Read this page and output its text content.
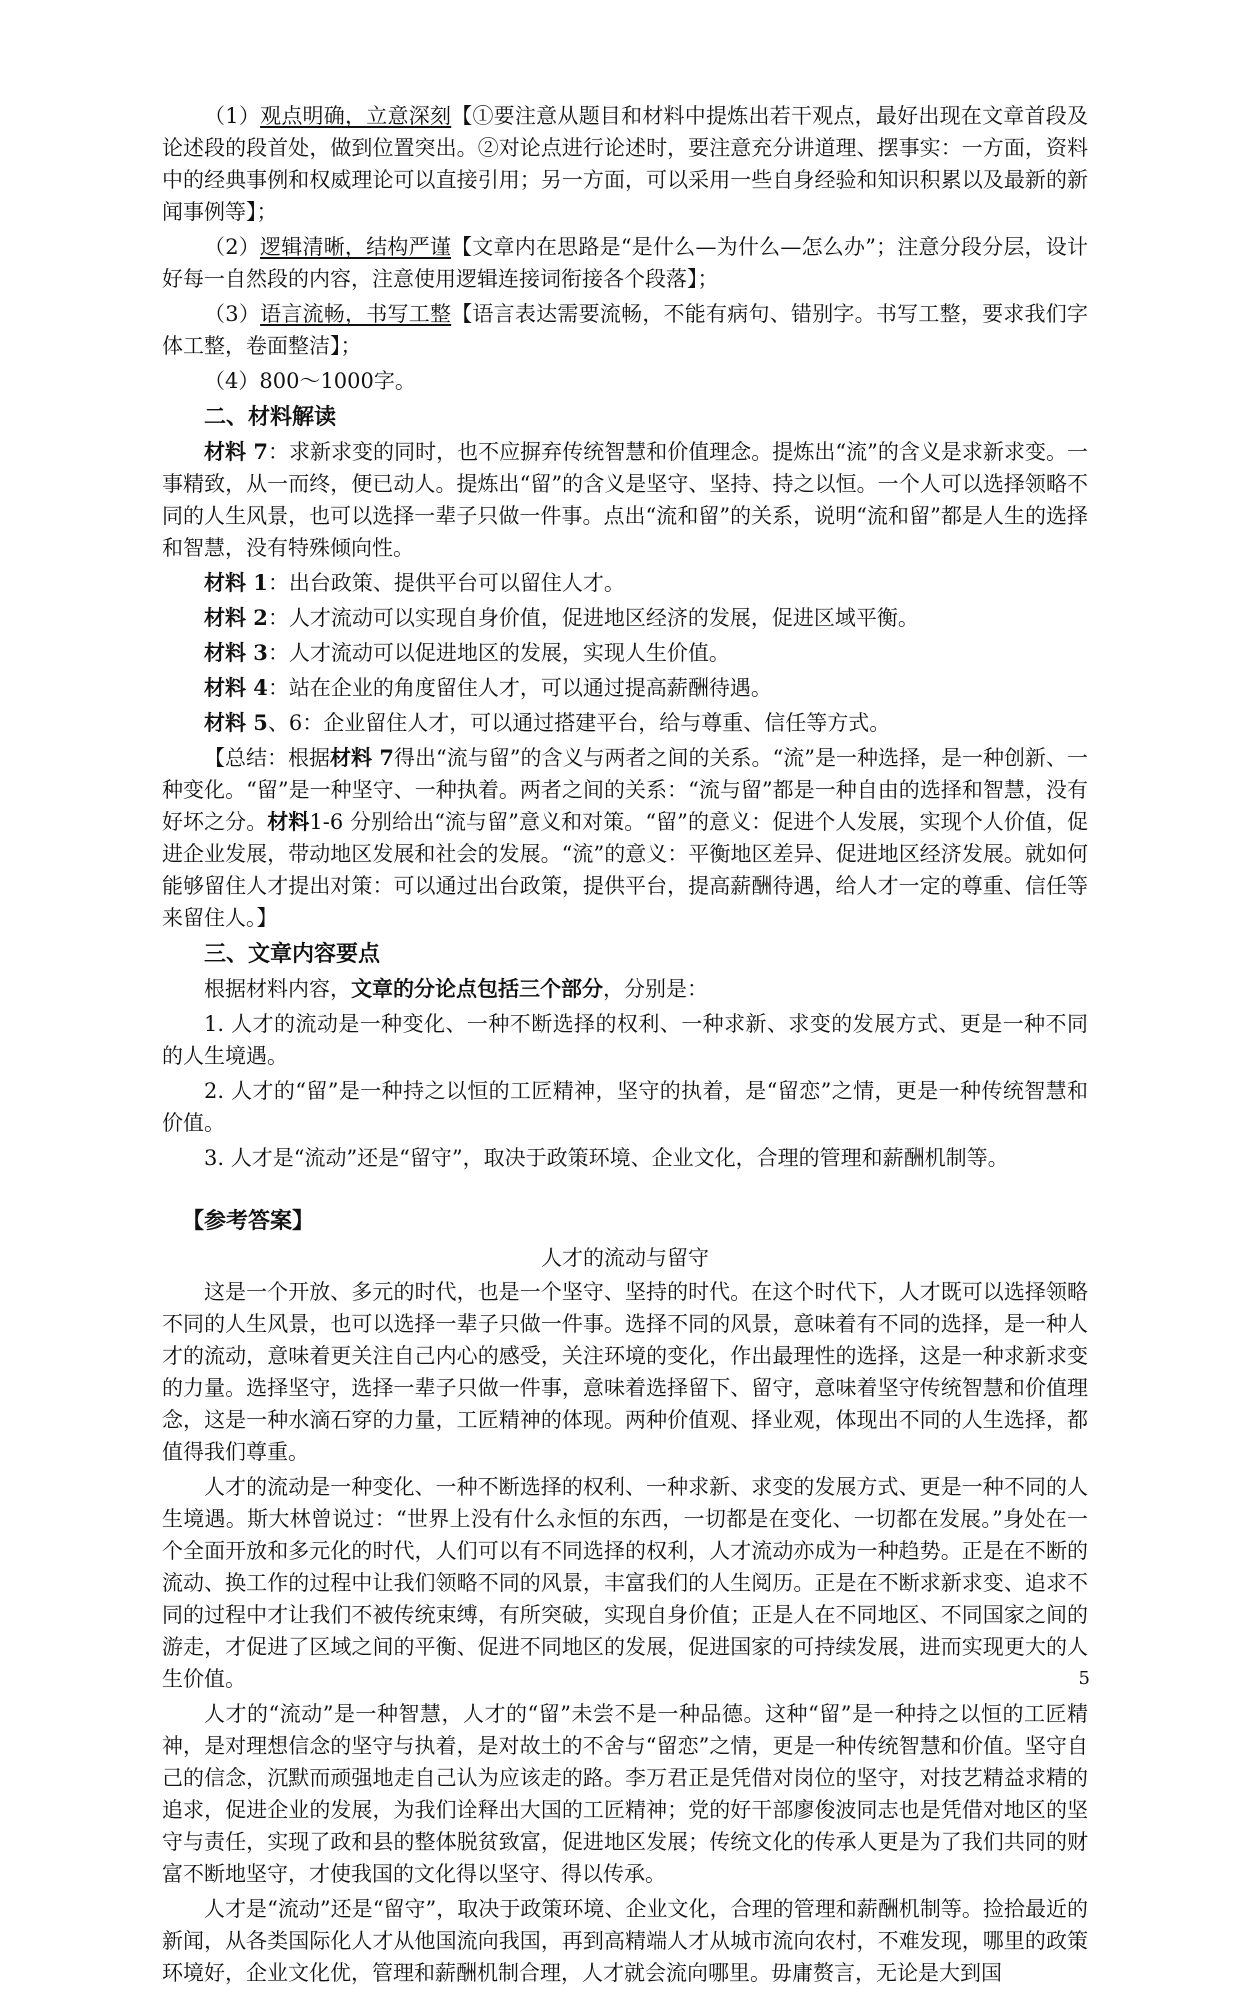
（1）观点明确，立意深刻【①要注意从题目和材料中提炼出若干观点，最好出现在文章首段及论述段的段首处，做到位置突出。②对论点进行论述时，要注意充分讲道理、摆事实：一方面，资料中的经典事例和权威理论可以直接引用；另一方面，可以采用一些自身经验和知识积累以及最新的新闻事例等】；

（2）逻辑清晰，结构严谨【文章内在思路是“是什么—为什么—怎么办”；注意分段分层，设计好每一自然段的内容，注意使用逻辑连接词衔接各个段落】；

（3）语言流畅，书写工整【语言表达需要流畅，不能有病句、错别字。书写工整，要求我们字体工整，卷面整洁】；

（4）800～1000字。

二、材料解读

材料 7：求新求变的同时，也不应摒弃传统智慧和价值理念。提炼出“流”的含义是求新求变。一事精致，从一而终，便已动人。提炼出“留”的含义是坚守、坚持、持之以恒。一个人可以选择领略不同的人生风景，也可以选择一辈子只做一件事。点出“流和留”的关系，说明“流和留”都是人生的选择和智慧，没有特殊倾向性。

材料 1：出台政策、提供平台可以留住人才。

材料 2：人才流动可以实现自身价值，促进地区经济的发展，促进区域平衡。

材料 3：人才流动可以促进地区的发展，实现人生价值。

材料 4：站在企业的角度留住人才，可以通过提高薪酬待遇。

材料 5、6：企业留住人才，可以通过搭建平台，给与尊重、信任等方式。

【总结：根据材料 7得出“流与留”的含义与两者之间的关系。“流”是一种选择，是一种创新、一种变化。“留”是一种坚守、一种执着。两者之间的关系：“流与留”都是一种自由的选择和智慧，没有好坏之分。材料1-6 分别给出“流与留”意义和对策。“留”的意义：促进个人发展，实现个人价值，促进企业发展，带动地区发展和社会的发展。“流”的意义：平衡地区差异、促进地区经济发展。就如何能够留住人才提出对策：可以通过出台政策，提供平台，提高薪酬待遇，给人才一定的尊重、信任等来留住人。】

三、文章内容要点

根据材料内容，文章的分论点包括三个部分，分别是：

1. 人才的流动是一种变化、一种不断选择的权利、一种求新、求变的发展方式、更是一种不同的人生境遇。

2. 人才的“留”是一种持之以恒的工匠精神，坚守的执着，是“留恋”之情，更是一种传统智慧和价值。

3. 人才是“流动”还是“留守”，取决于政策环境、企业文化，合理的管理和薪酬机制等。

【参考答案】
人才的流动与留守

这是一个开放、多元的时代，也是一个坚守、坚持的时代。在这个时代下，人才既可以选择领略不同的人生风景，也可以选择一辈子只做一件事。选择不同的风景，意味着有不同的选择，是一种人才的流动，意味着更关注自己内心的感受，关注环境的变化，作出最理性的选择，这是一种求新求变的力量。选择坚守，选择一辈子只做一件事，意味着选择留下、留守，意味着坚守传统智慧和价值理念，这是一种水滴石穿的力量，工匠精神的体现。两种价值观、择业观，体现出不同的人生选择，都值得我们尊重。

人才的流动是一种变化、一种不断选择的权利、一种求新、求变的发展方式、更是一种不同的人生境遇。斯大林曾说过：“世界上没有什么永恒的东西，一切都是在变化、一切都在发展。”身处在一个全面开放和多元化的时代，人们可以有不同选择的权利，人才流动亦成为一种趋势。正是在不断的流动、换工作的过程中让我们领略不同的风景，丰富我们的人生阅历。正是在不断求新求变、追求不同的过程中才让我们不被传统束缚，有所突破，实现自身价值；正是人在不同地区、不同国家之间的游走，才促进了区域之间的平衡、促进不同地区的发展，促进国家的可持续发展，进而实现更大的人生价值。

人才的“流动”是一种智慧，人才的“留”未尝不是一种品德。这种“留”是一种持之以恒的工匠精神，是对理想信念的坚守与执着，是对故土的不舍与“留恋”之情，更是一种传统智慧和价值。坚守自己的信念，沉默而顽强地走自己认为应该走的路。李万君正是凭借对岗位的坚守，对技艺精益求精的追求，促进企业的发展，为我们诠释出大国的工匠精神；党的好干部廖俊波同志也是凭借对地区的坚守与责任，实现了政和县的整体脱贫致富，促进地区发展；传统文化的传承人更是为了我们共同的财富不断地坚守，才使我国的文化得以坚守、得以传承。

人才是“流动”还是“留守”，取决于政策环境、企业文化，合理的管理和薪酬机制等。捡拾最近的新闻，从各类国际化人才从他国流向我国，再到高精端人才从城市流向农村，不难发现，哪里的政策环境好，企业文化优，管理和薪酬机制合理，人才就会流向哪里。毋庸赘言，无论是大到国

5
